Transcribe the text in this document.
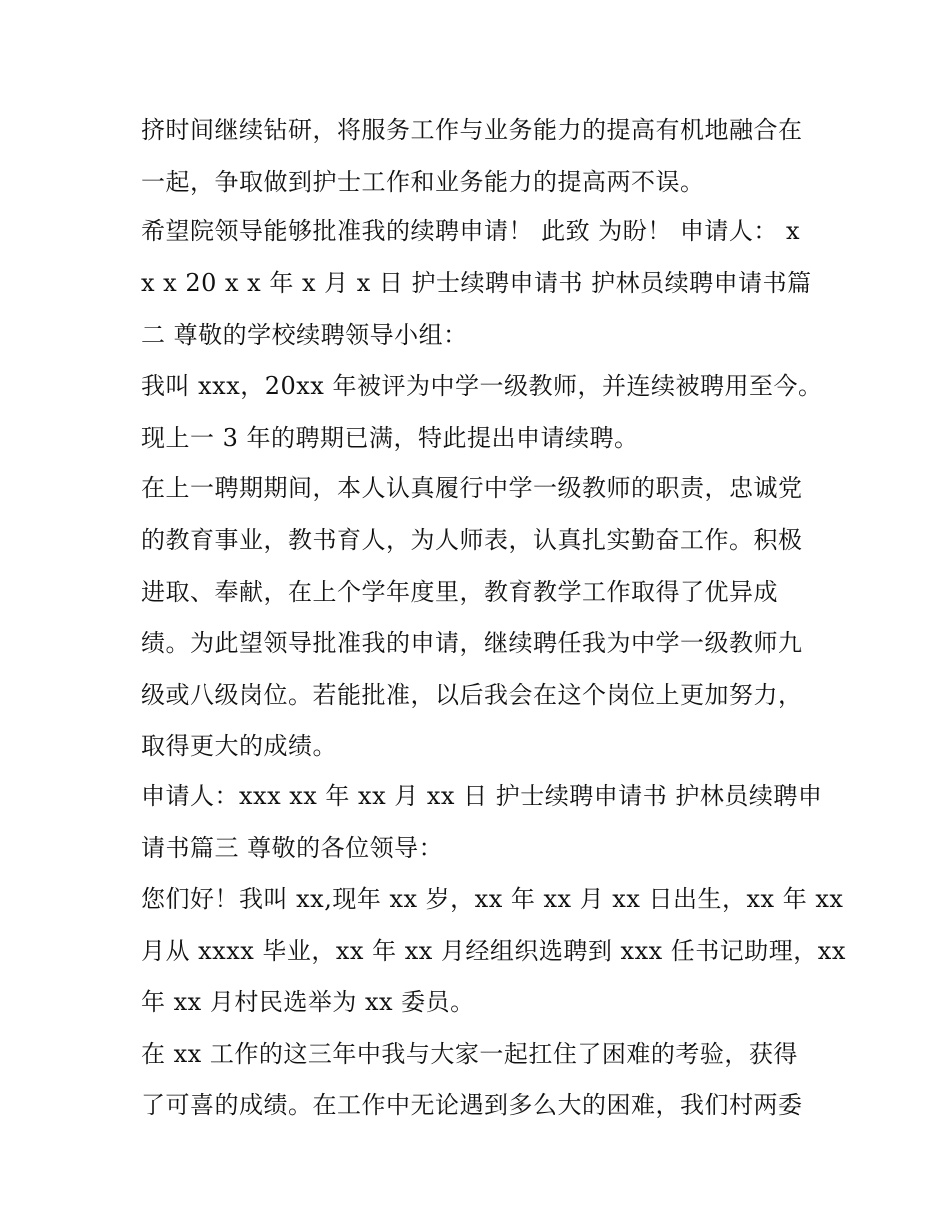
挤时间继续钻研，将服务工作与业务能力的提高有机地融合在

一起，争取做到护士工作和业务能力的提高两不误。

希望院领导能够批准我的续聘申请！ 此致 为盼！ 申请人： x

x x 20 x x 年 x 月 x 日 护士续聘申请书 护林员续聘申请书篇

二 尊敬的学校续聘领导小组：

我叫 xxx，20xx 年被评为中学一级教师，并连续被聘用至今。

现上一 3 年的聘期已满，特此提出申请续聘。

在上一聘期期间，本人认真履行中学一级教师的职责，忠诚党

的教育事业，教书育人，为人师表，认真扎实勤奋工作。积极

进取、奉献，在上个学年度里，教育教学工作取得了优异成

绩。为此望领导批准我的申请，继续聘任我为中学一级教师九

级或八级岗位。若能批准，以后我会在这个岗位上更加努力，

取得更大的成绩。

申请人：xxx xx 年 xx 月 xx 日 护士续聘申请书 护林员续聘申

请书篇三 尊敬的各位领导：

您们好！我叫 xx,现年 xx 岁，xx 年 xx 月 xx 日出生，xx 年 xx

月从 xxxx 毕业，xx 年 xx 月经组织选聘到 xxx 任书记助理，xx

年 xx 月村民选举为 xx 委员。

在 xx 工作的这三年中我与大家一起扛住了困难的考验，获得

了可喜的成绩。在工作中无论遇到多么大的困难，我们村两委
